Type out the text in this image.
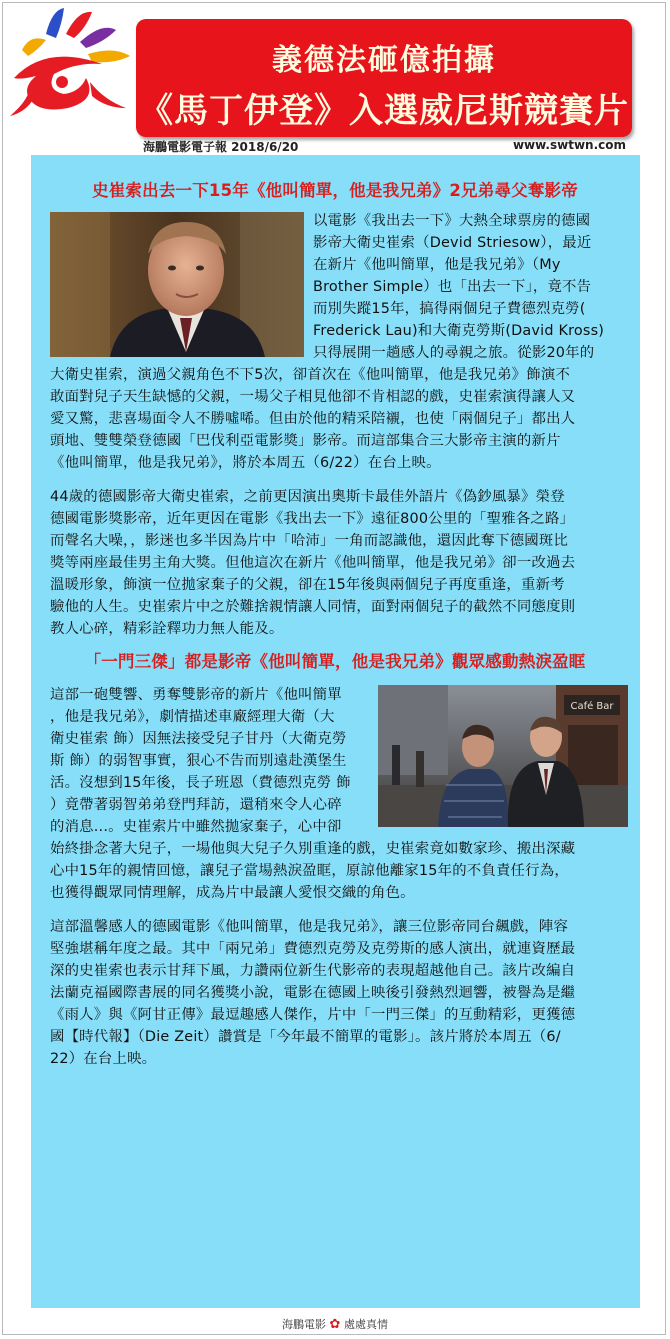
義德法砸億拍攝
《馬丁伊登》入選威尼斯競賽片
海鵬電影電子報 2018/6/20	www.swtwn.com
史崔索出去一下15年《他叫簡單，他是我兄弟》2兄弟尋父奪影帝
以電影《我出去一下》大熱全球票房的德國
影帝大衛史崔索（Devid Striesow），最近
在新片《他叫簡單，他是我兄弟》（My
Brother Simple）也「出去一下」，竟不告
而別失蹤15年，搞得兩個兒子費德烈克勞(
Frederick Lau)和大衛克勞斯(David Kross)
只得展開一趟感人的尋親之旅。從影20年的
大衛史崔索，演過父親角色不下5次，卻首次在《他叫簡單，他是我兄弟》飾演不
敢面對兒子天生缺憾的父親，一場父子相見他卻不肯相認的戲，史崔索演得讓人又
愛又驚，悲喜場面令人不勝噓唏。但由於他的精采陪襯，也使「兩個兒子」都出人
頭地、雙雙榮登德國「巴伐利亞電影獎」影帝。而這部集合三大影帝主演的新片
《他叫簡單，他是我兄弟》，將於本周五（6/22）在台上映。
44歲的德國影帝大衛史崔索，之前更因演出奧斯卡最佳外語片《偽鈔風暴》榮登
德國電影獎影帝，近年更因在電影《我出去一下》遠征800公里的「聖雅各之路」
而聲名大噪，，影迷也多半因為片中「哈沛」一角而認識他，還因此奪下德國斑比
獎等兩座最佳男主角大獎。但他這次在新片《他叫簡單，他是我兄弟》卻一改過去
溫暖形象，飾演一位拋家棄子的父親，卻在15年後與兩個兒子再度重逢，重新考
驗他的人生。史崔索片中之於難捨親情讓人同情，面對兩個兒子的截然不同態度則
教人心碎，精彩詮釋功力無人能及。
「一門三傑」都是影帝《他叫簡單，他是我兄弟》觀眾感動熱淚盈眶
這部一砲雙響、勇奪雙影帝的新片《他叫簡單
，他是我兄弟》，劇情描述車廠經理大衛（大
衛史崔索 飾）因無法接受兒子甘丹（大衛克勞
斯 飾）的弱智事實，狠心不告而別遠赴漢堡生
活。沒想到15年後，長子班恩（費德烈克勞 飾
）竟帶著弱智弟弟登門拜訪，還稍來令人心碎
的消息...。史崔索片中雖然拋家棄子，心中卻
Café Bar
始終掛念著大兒子，一場他與大兒子久別重逢的戲，史崔索竟如數家珍、搬出深藏
心中15年的親情回憶，讓兒子當場熱淚盈眶，原諒他離家15年的不負責任行為，
也獲得觀眾同情理解，成為片中最讓人愛恨交織的角色。
這部溫馨感人的德國電影《他叫簡單，他是我兄弟》，讓三位影帝同台飆戲，陣容
堅強堪稱年度之最。其中「兩兄弟」費德烈克勞及克勞斯的感人演出，就連資歷最
深的史崔索也表示甘拜下風，力讚兩位新生代影帝的表現超越他自己。該片改編自
法蘭克福國際書展的同名獲獎小說，電影在德國上映後引發熱烈迴響，被譽為是繼
《雨人》與《阿甘正傳》最逗趣感人傑作，片中「一門三傑」的互動精彩，更獲德
國【時代報】（Die Zeit）讚賞是「今年最不簡單的電影」。該片將於本周五（6/
22）在台上映。
海鵬電影 ✿ 處處真情
